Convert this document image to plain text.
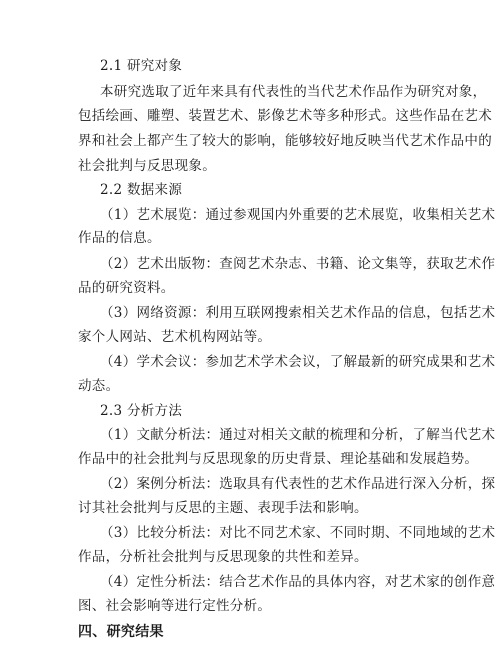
2.1 研究对象
本研究选取了近年来具有代表性的当代艺术作品作为研究对象，
包括绘画、雕塑、装置艺术、影像艺术等多种形式。这些作品在艺术
界和社会上都产生了较大的影响，能够较好地反映当代艺术作品中的
社会批判与反思现象。
2.2 数据来源
（1）艺术展览：通过参观国内外重要的艺术展览，收集相关艺术
作品的信息。
（2）艺术出版物：查阅艺术杂志、书籍、论文集等，获取艺术作
品的研究资料。
（3）网络资源：利用互联网搜索相关艺术作品的信息，包括艺术
家个人网站、艺术机构网站等。
（4）学术会议：参加艺术学术会议，了解最新的研究成果和艺术
动态。
2.3 分析方法
（1）文献分析法：通过对相关文献的梳理和分析，了解当代艺术
作品中的社会批判与反思现象的历史背景、理论基础和发展趋势。
（2）案例分析法：选取具有代表性的艺术作品进行深入分析，探
讨其社会批判与反思的主题、表现手法和影响。
（3）比较分析法：对比不同艺术家、不同时期、不同地域的艺术
作品，分析社会批判与反思现象的共性和差异。
（4）定性分析法：结合艺术作品的具体内容，对艺术家的创作意
图、社会影响等进行定性分析。
四、研究结果
